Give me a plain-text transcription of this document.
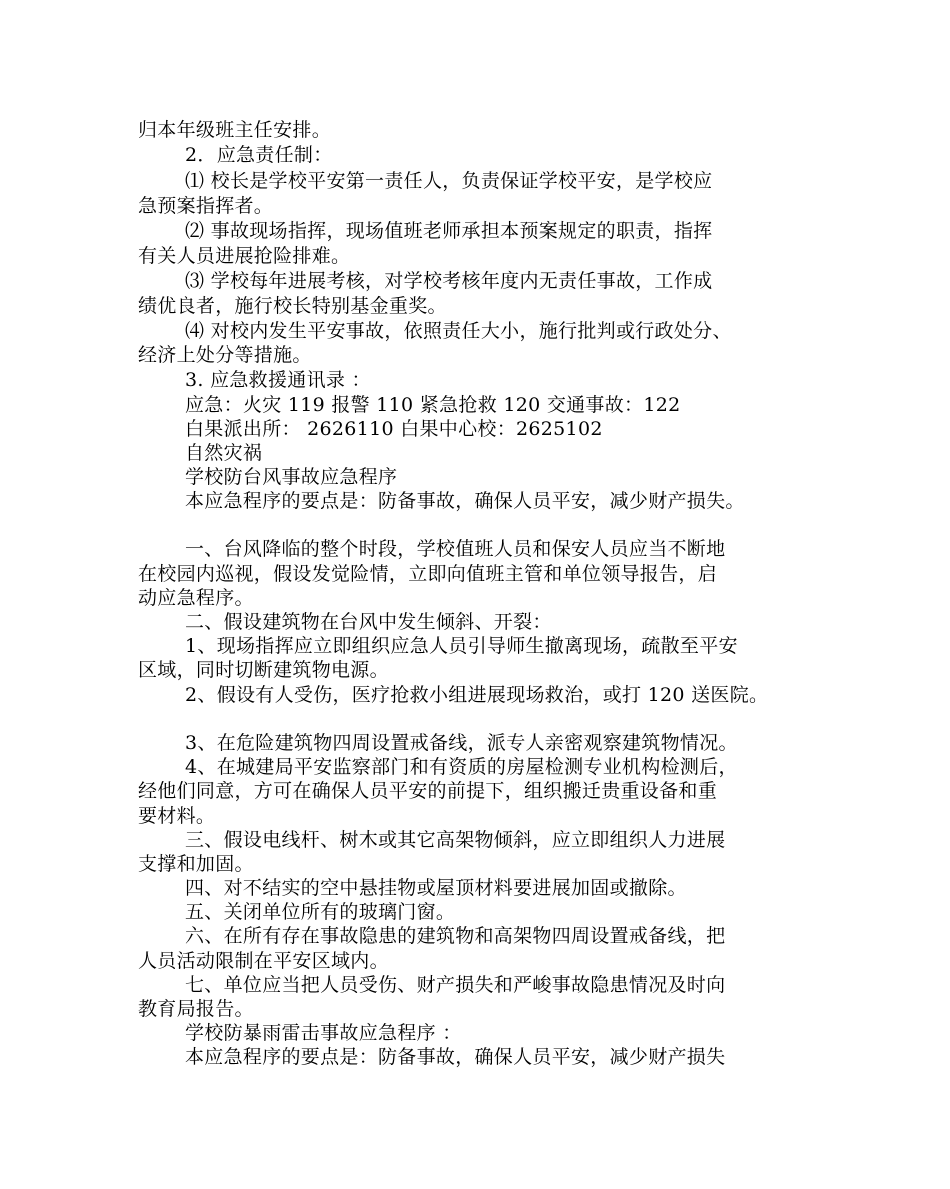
归本年级班主任安排。
2．应急责任制：
⑴ 校长是学校平安第一责任人，负责保证学校平安，是学校应
急预案指挥者。
⑵ 事故现场指挥，现场值班老师承担本预案规定的职责，指挥
有关人员进展抢险排难。
⑶ 学校每年进展考核，对学校考核年度内无责任事故，工作成
绩优良者，施行校长特别基金重奖。
⑷ 对校内发生平安事故，依照责任大小，施行批判或行政处分、
经济上处分等措施。
3. 应急救援通讯录 ：
应急：火灾 119 报警 110 紧急抢救 120 交通事故：122
白果派出所： 2626110 白果中心校：2625102
自然灾祸
学校防台风事故应急程序
本应急程序的要点是：防备事故，确保人员平安，减少财产损失。
一、台风降临的整个时段，学校值班人员和保安人员应当不断地
在校园内巡视，假设发觉险情，立即向值班主管和单位领导报告，启
动应急程序。
二、假设建筑物在台风中发生倾斜、开裂：
1、现场指挥应立即组织应急人员引导师生撤离现场，疏散至平安
区域，同时切断建筑物电源。
2、假设有人受伤，医疗抢救小组进展现场救治，或打 120 送医院。
3、在危险建筑物四周设置戒备线，派专人亲密观察建筑物情况。
4、在城建局平安监察部门和有资质的房屋检测专业机构检测后，
经他们同意，方可在确保人员平安的前提下，组织搬迁贵重设备和重
要材料。
三、假设电线杆、树木或其它高架物倾斜，应立即组织人力进展
支撑和加固。
四、对不结实的空中悬挂物或屋顶材料要进展加固或撤除。
五、关闭单位所有的玻璃门窗。
六、在所有存在事故隐患的建筑物和高架物四周设置戒备线，把
人员活动限制在平安区域内。
七、单位应当把人员受伤、财产损失和严峻事故隐患情况及时向
教育局报告。
学校防暴雨雷击事故应急程序 ：
本应急程序的要点是：防备事故，确保人员平安，减少财产损失
